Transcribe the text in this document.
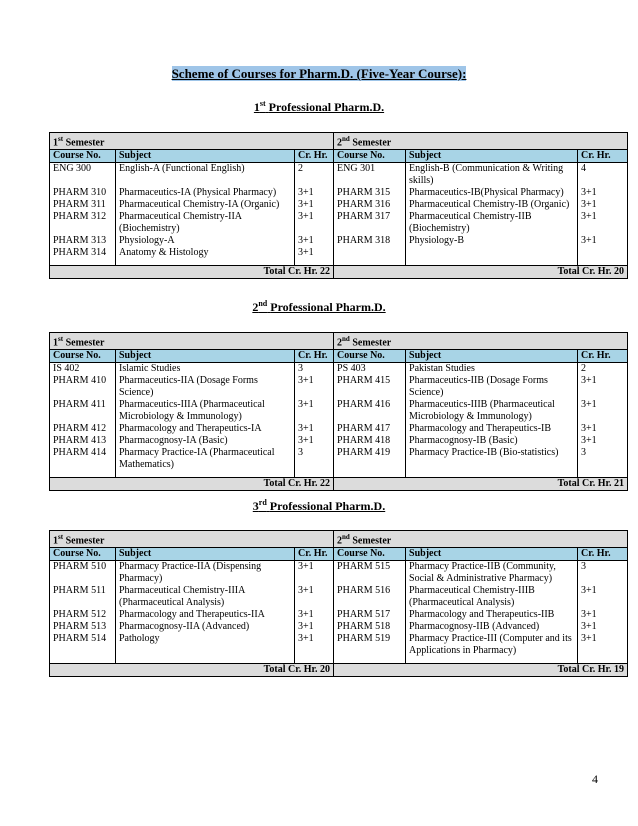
Scheme of Courses for Pharm.D. (Five-Year Course):
1st Professional Pharm.D.
1st Semester			2nd Semester		
Course No.	Subject	Cr. Hr.	Course No.	Subject	Cr. Hr.
ENG 300	English-A (Functional English)	2	ENG 301	English-B (Communication & Writing skills)	4
PHARM 310	Pharmaceutics-IA (Physical Pharmacy)	3+1	PHARM 315	Pharmaceutics-IB(Physical Pharmacy)	3+1
PHARM 311	Pharmaceutical Chemistry-IA (Organic)	3+1	PHARM 316	Pharmaceutical Chemistry-IB (Organic)	3+1
PHARM 312	Pharmaceutical Chemistry-IIA (Biochemistry)	3+1	PHARM 317	Pharmaceutical Chemistry-IIB (Biochemistry)	3+1
PHARM 313	Physiology-A	3+1	PHARM 318	Physiology-B	3+1
PHARM 314	Anatomy & Histology	3+1			

Total Cr. Hr. 22			Total Cr. Hr. 20		
2nd Professional Pharm.D.
1st Semester			2nd Semester		
Course No.	Subject	Cr. Hr.	Course No.	Subject	Cr. Hr.
IS 402	Islamic Studies	3	PS 403	Pakistan Studies	2
PHARM 410	Pharmaceutics-IIA (Dosage Forms Science)	3+1	PHARM 415	Pharmaceutics-IIB (Dosage Forms Science)	3+1
PHARM 411	Pharmaceutics-IIIA (Pharmaceutical Microbiology & Immunology)	3+1	PHARM 416	Pharmaceutics-IIIB (Pharmaceutical Microbiology & Immunology)	3+1
PHARM 412	Pharmacology and Therapeutics-IA	3+1	PHARM 417	Pharmacology and Therapeutics-IB	3+1
PHARM 413	Pharmacognosy-IA (Basic)	3+1	PHARM 418	Pharmacognosy-IB (Basic)	3+1
PHARM 414	Pharmacy Practice-IA (Pharmaceutical Mathematics)	3	PHARM 419	Pharmacy Practice-IB (Bio-statistics)	3

Total Cr. Hr. 22			Total Cr. Hr. 21		
3rd Professional Pharm.D.
1st Semester			2nd Semester		
Course No.	Subject	Cr. Hr.	Course No.	Subject	Cr. Hr.
PHARM 510	Pharmacy Practice-IIA (Dispensing Pharmacy)	3+1	PHARM 515	Pharmacy Practice-IIB (Community, Social & Administrative Pharmacy)	3
PHARM 511	Pharmaceutical Chemistry-IIIA (Pharmaceutical Analysis)	3+1	PHARM 516	Pharmaceutical Chemistry-IIIB (Pharmaceutical Analysis)	3+1
PHARM 512	Pharmacology and Therapeutics-IIA	3+1	PHARM 517	Pharmacology and Therapeutics-IIB	3+1
PHARM 513	Pharmacognosy-IIA (Advanced)	3+1	PHARM 518	Pharmacognosy-IIB (Advanced)	3+1
PHARM 514	Pathology	3+1	PHARM 519	Pharmacy Practice-III (Computer and its Applications in Pharmacy)	3+1

Total Cr. Hr. 20			Total Cr. Hr. 19		
4
